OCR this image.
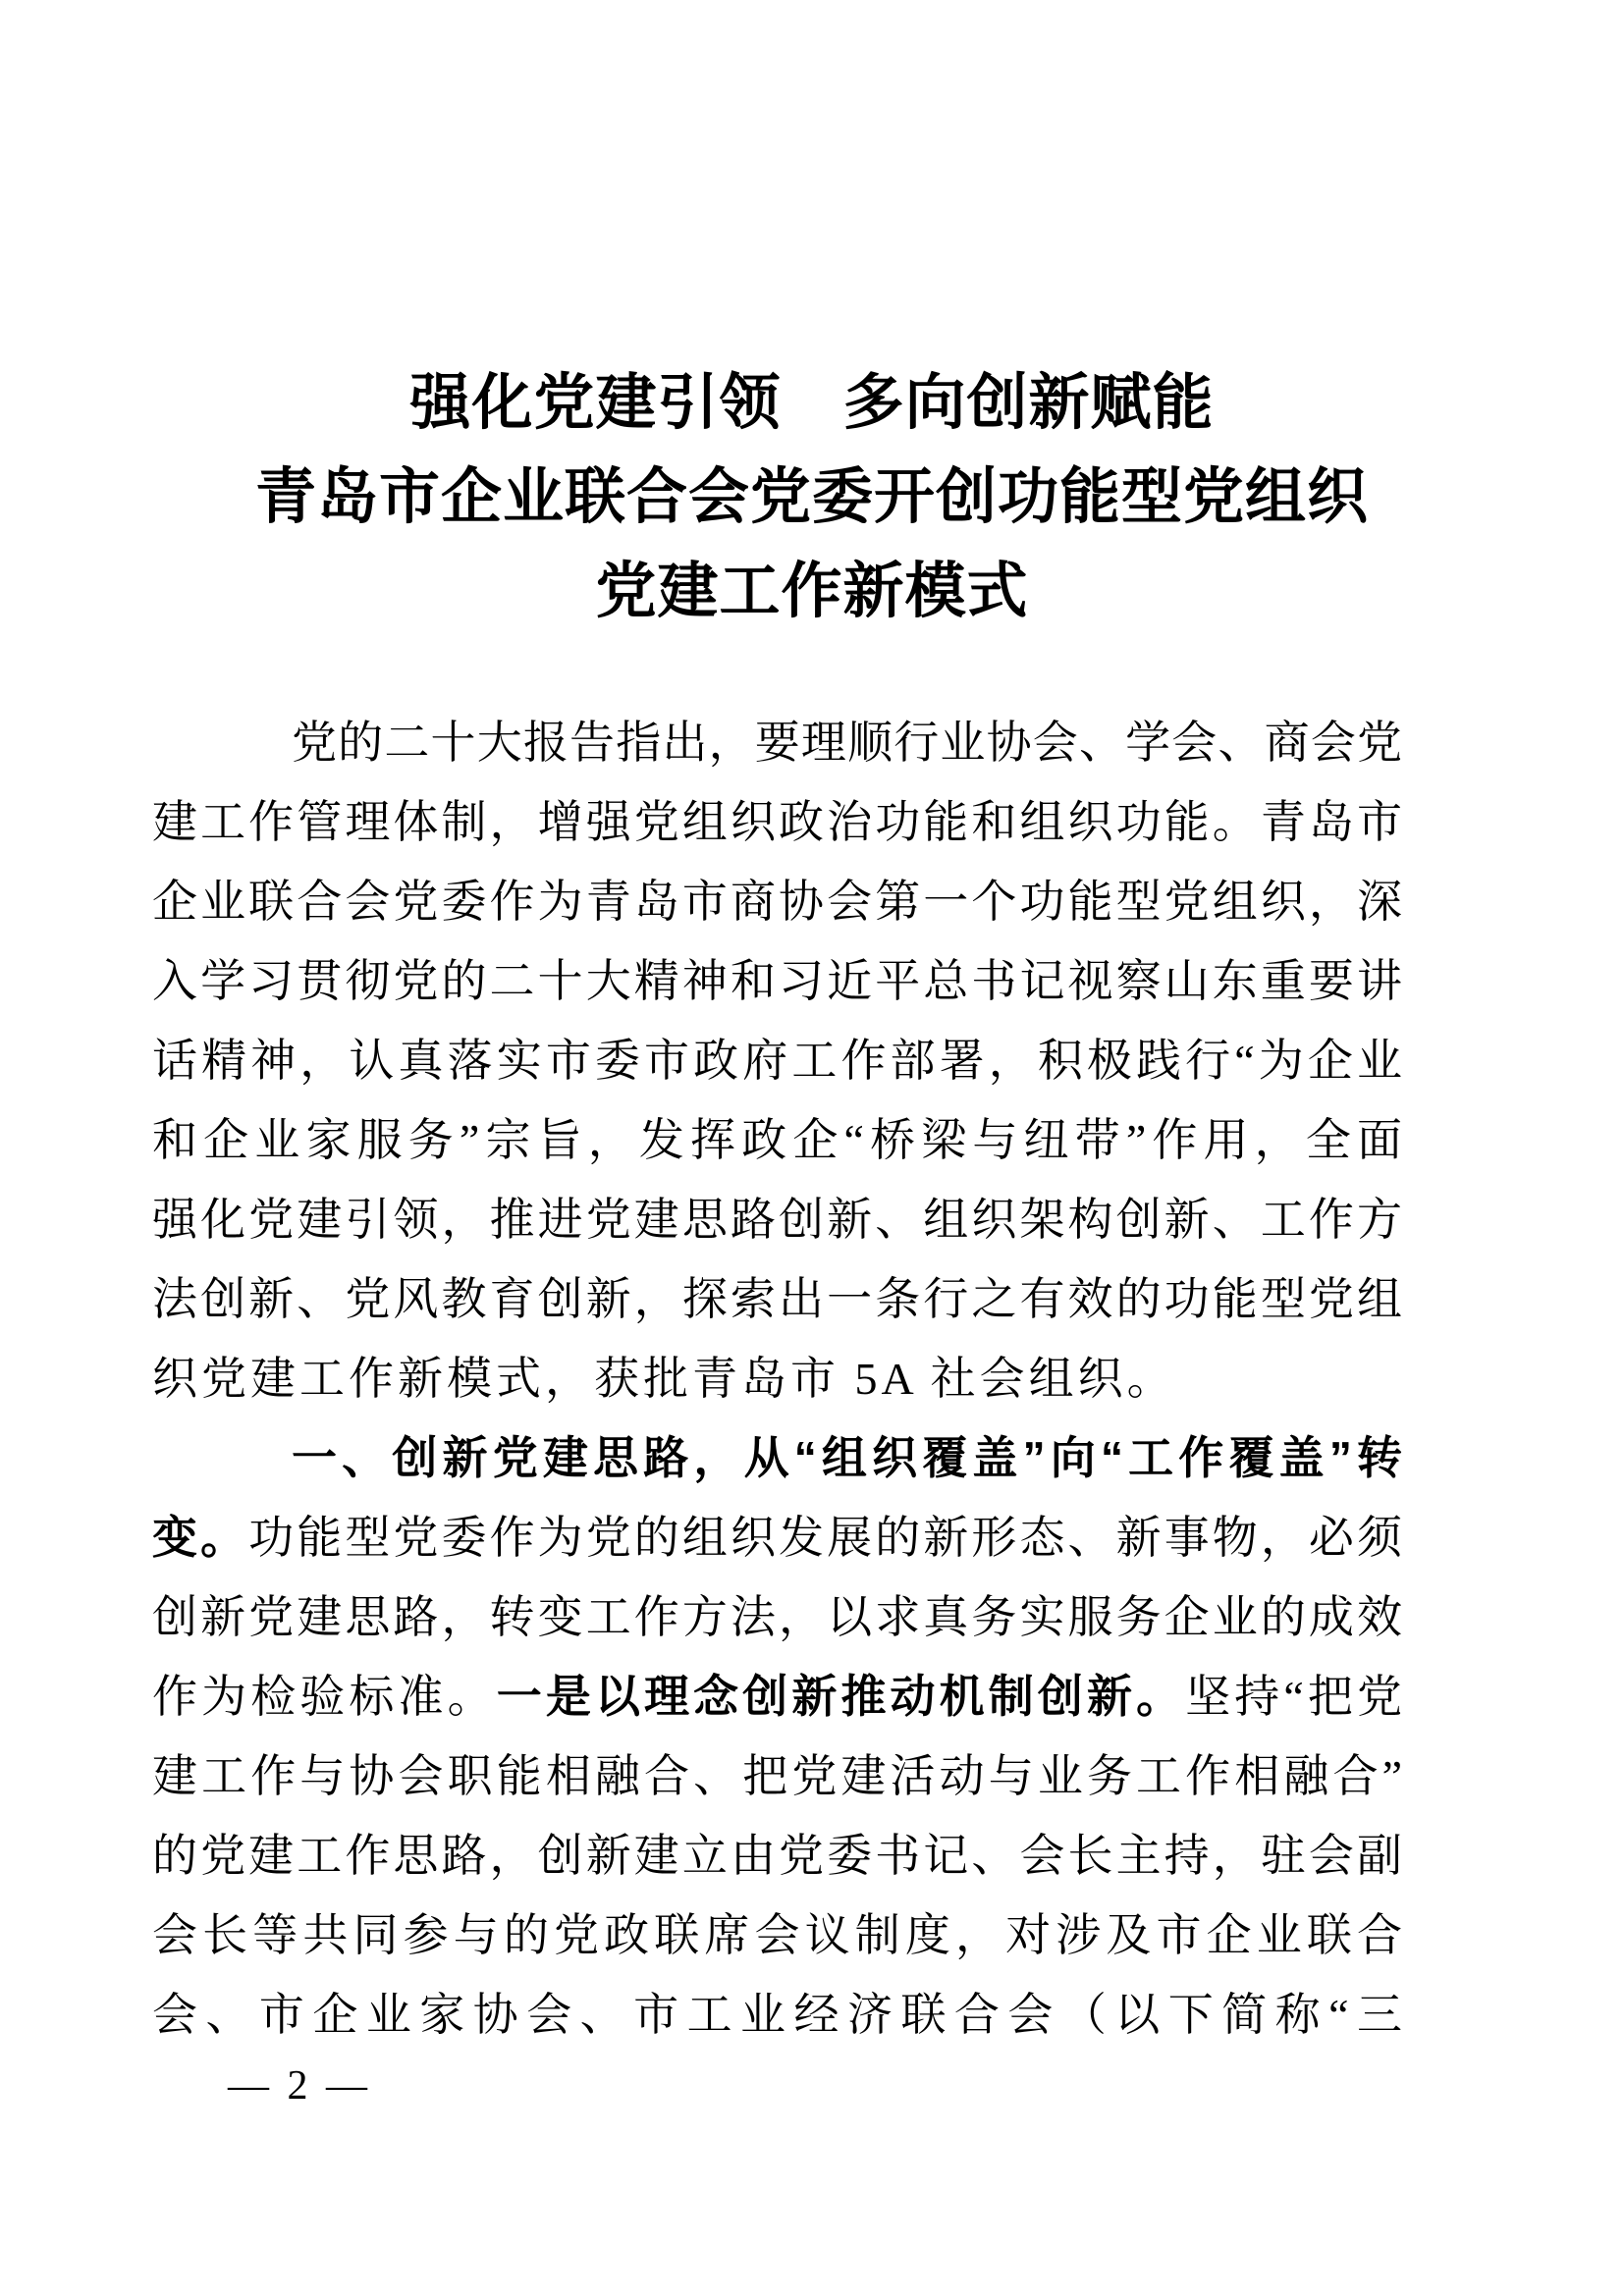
强化党建引领　多向创新赋能
青岛市企业联合会党委开创功能型党组织
党建工作新模式
党的二十大报告指出，要理顺行业协会、学会、商会党
建工作管理体制，增强党组织政治功能和组织功能。青岛市
企业联合会党委作为青岛市商协会第一个功能型党组织，深
入学习贯彻党的二十大精神和习近平总书记视察山东重要讲
话精神，认真落实市委市政府工作部署，积极践行“为企业
和企业家服务”宗旨，发挥政企“桥梁与纽带”作用，全面
强化党建引领，推进党建思路创新、组织架构创新、工作方
法创新、党风教育创新，探索出一条行之有效的功能型党组
织党建工作新模式，获批青岛市 5A 社会组织。
一、创新党建思路，从“组织覆盖”向“工作覆盖”转
变。功能型党委作为党的组织发展的新形态、新事物，必须
创新党建思路，转变工作方法，以求真务实服务企业的成效
作为检验标准。一是以理念创新推动机制创新。坚持“把党
建工作与协会职能相融合、把党建活动与业务工作相融合”
的党建工作思路，创新建立由党委书记、会长主持，驻会副
会长等共同参与的党政联席会议制度，对涉及市企业联合
会、市企业家协会、市工业经济联合会（以下简称“三
— 2 —
